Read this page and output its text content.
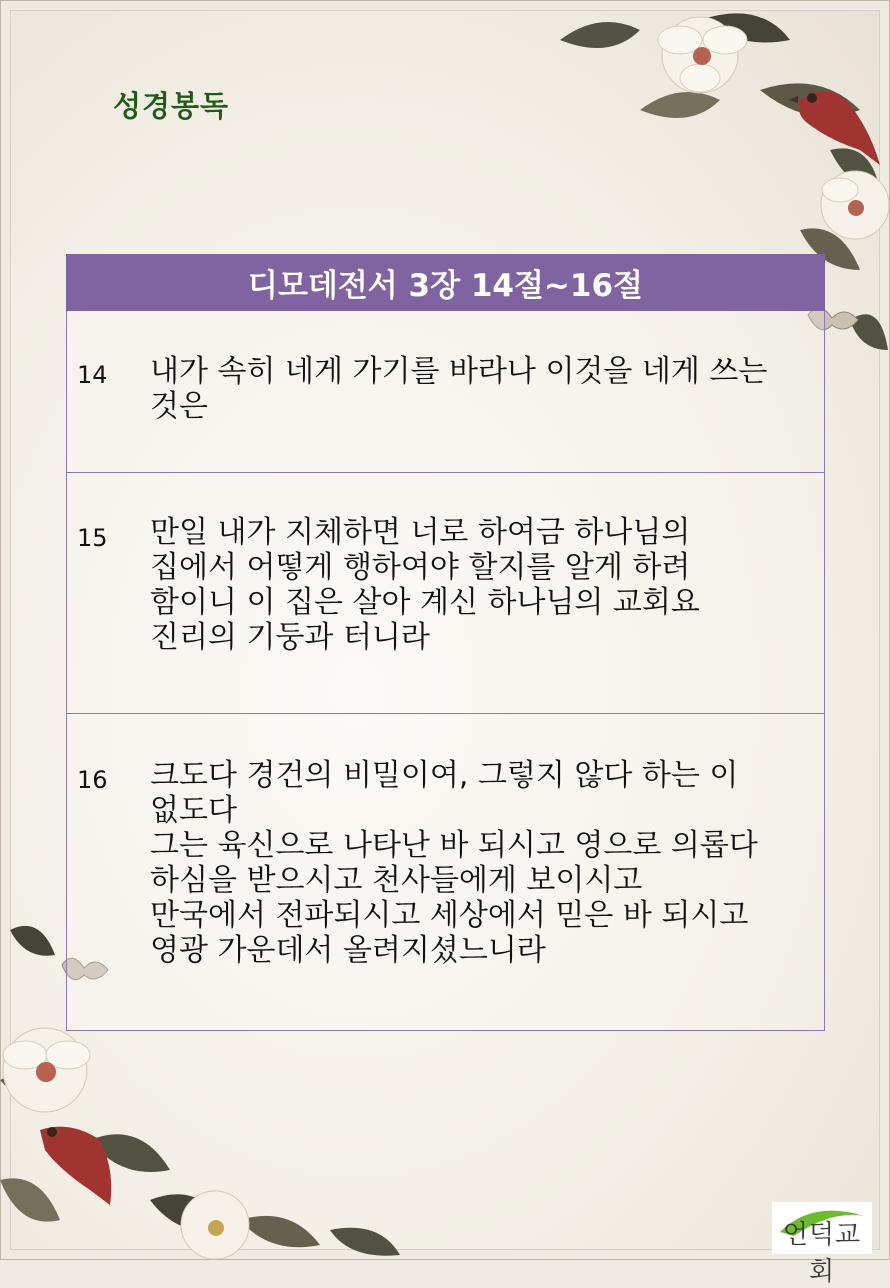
성경봉독
디모데전서 3장 14절~16절
14 내가 속히 네게 가기를 바라나 이것을 네게 쓰는
것은
15 만일 내가 지체하면 너로 하여금 하나님의
집에서 어떻게 행하여야 할지를 알게 하려
함이니 이 집은 살아 계신 하나님의 교회요
진리의 기둥과 터니라
16 크도다 경건의 비밀이여, 그렇지 않다 하는 이
없도다
그는 육신으로 나타난 바 되시고 영으로 의롭다
하심을 받으시고 천사들에게 보이시고
만국에서 전파되시고 세상에서 믿은 바 되시고
영광 가운데서 올려지셨느니라
언덕교회
